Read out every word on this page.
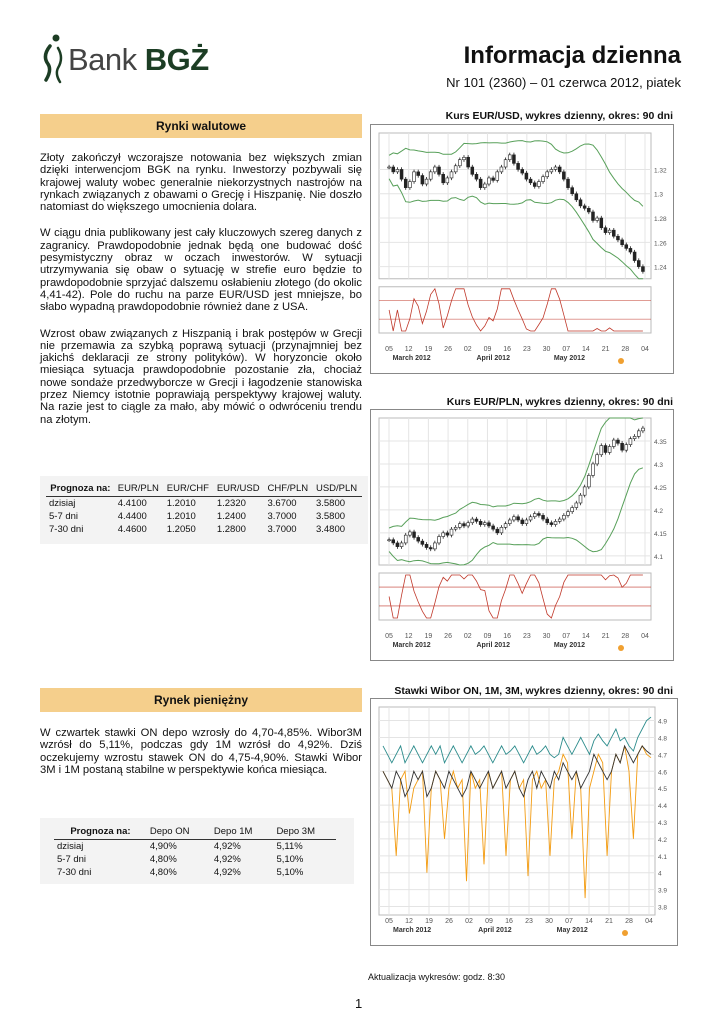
Bank BGŻ	Informacja dzienna
Nr 101 (2360) – 01 czerwca 2012, piatek
Rynki walutowe

Złoty zakończył wczorajsze notowania bez większych zmian dzięki interwencjom BGK na rynku. Inwestorzy pozbywali się krajowej waluty wobec generalnie niekorzystnych nastrojów na rynkach związanych z obawami o Grecję i Hiszpanię. Nie doszło natomiast do większego umocnienia dolara.

W ciągu dnia publikowany jest cały kluczowych szereg danych z zagranicy. Prawdopodobnie jednak będą one budować dość pesymistyczny obraz w oczach inwestorów. W sytuacji utrzymywania się obaw o sytuację w strefie euro będzie to prawdopodobnie sprzyjać dalszemu osłabieniu złotego (do okolic 4,41-42). Pole do ruchu na parze EUR/USD jest mniejsze, bo słabo wypadną prawdopodobnie również dane z USA.

Wzrost obaw związanych z Hiszpanią i brak postępów w Grecji nie przemawia za szybką poprawą sytuacji (przynajmniej bez jakichś deklaracji ze strony polityków). W horyzoncie około miesiąca sytuacja prawdopodobnie pozostanie zła, chociaż nowe sondaże przedwyborcze w Grecji i łagodzenie stanowiska przez Niemcy istotnie poprawiają perspektywy krajowej waluty. Na razie jest to ciągle za mało, aby mówić o odwróceniu trendu na złotym.

Prognoza na:	EUR/PLN	EUR/CHF	EUR/USD	CHF/PLN	USD/PLN
dzisiaj	4.4100	1.2010	1.2320	3.6700	3.5800
5-7 dni	4.4400	1.2010	1.2400	3.7000	3.5800
7-30 dni	4.4600	1.2050	1.2800	3.7000	3.4800
Rynek pieniężny

W czwartek stawki ON depo wzrosły do 4,70-4,85%. Wibor3M wzrósł do 5,11%, podczas gdy 1M wzrósł do 4,92%. Dziś oczekujemy wzrostu stawek ON do 4,75-4,90%. Stawki Wibor 3M i 1M postaną stabilne w perspektywie końca miesiąca.

Prognoza na:	Depo ON	Depo 1M	Depo 3M
dzisiaj	4,90%	4,92%	5,11%
5-7 dni	4,80%	4,92%	5,10%
7-30 dni	4,80%	4,92%	5,10%
Kurs EUR/USD, wykres dzienny, okres: 90 dni
05 12 19 26 02 09 16 23 30 07 14 21 28 04
1.24
1.26
1.28
1.3
1.32
March 2012	April 2012	May 2012
Kurs EUR/PLN, wykres dzienny, okres: 90 dni
05 12 19 26 02 09 16 23 30 07 14 21 28 04
4.1
4.15
4.2
4.25
4.3
4.35
March 2012	April 2012	May 2012
Stawki Wibor ON, 1M, 3M, wykres dzienny, okres: 90 dni
05 12 19 26 02 09 16 23 30 07 14 21 28 04
3.8
3.9
4
4.1
4.2
4.3
4.4
4.5
4.6
4.7
4.8
4.9
March 2012	April 2012	May 2012
Aktualizacja wykresów: godz. 8:30
1
